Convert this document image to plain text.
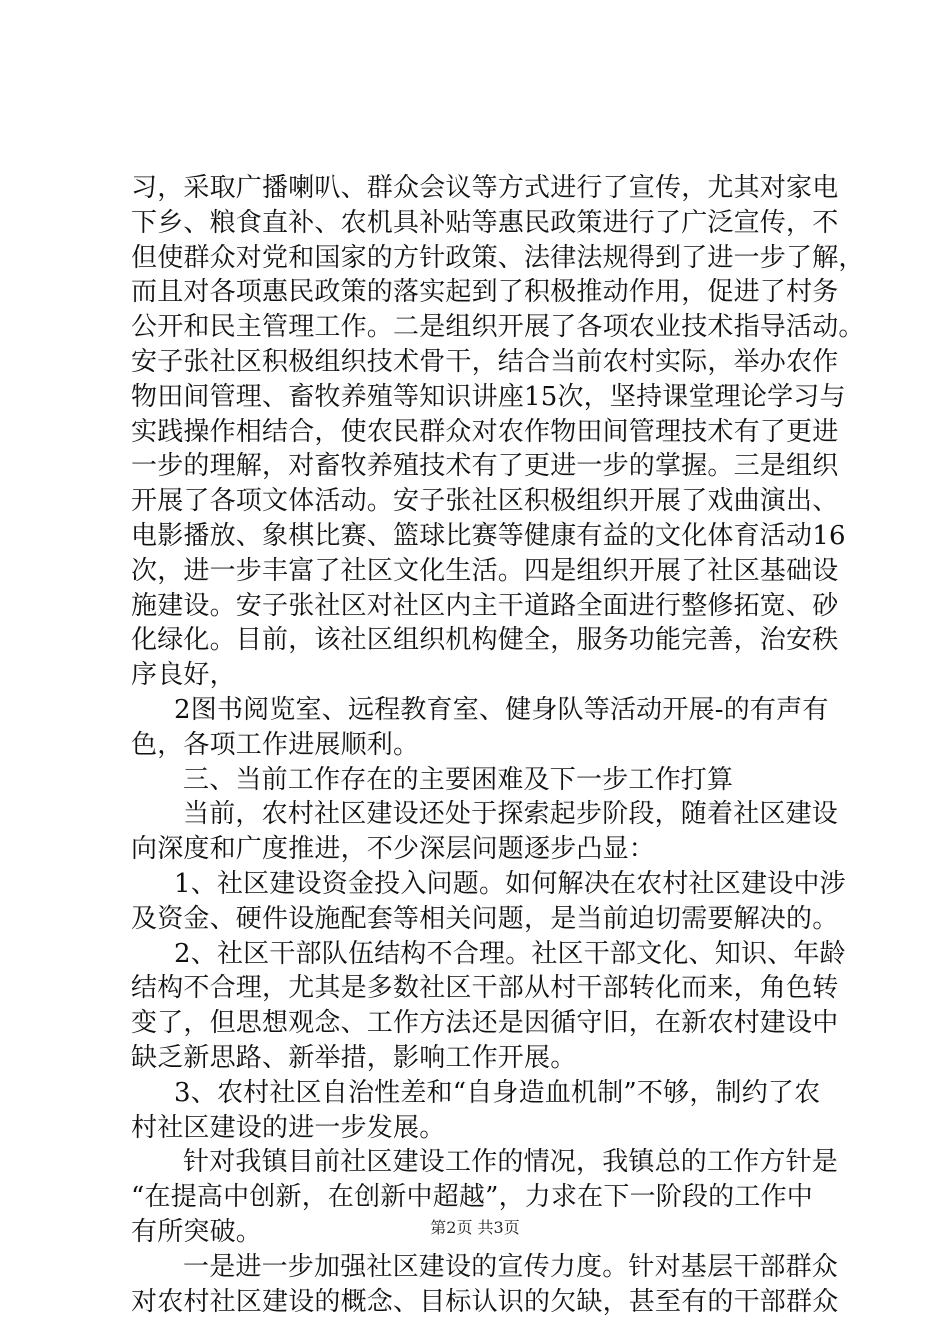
习，采取广播喇叭、群众会议等方式进行了宣传，尤其对家电
下乡、粮食直补、农机具补贴等惠民政策进行了广泛宣传，不
但使群众对党和国家的方针政策、法律法规得到了进一步了解，
而且对各项惠民政策的落实起到了积极推动作用，促进了村务
公开和民主管理工作。二是组织开展了各项农业技术指导活动。
安子张社区积极组织技术骨干，结合当前农村实际，举办农作
物田间管理、畜牧养殖等知识讲座15次，坚持课堂理论学习与
实践操作相结合，使农民群众对农作物田间管理技术有了更进
一步的理解，对畜牧养殖技术有了更进一步的掌握。三是组织
开展了各项文体活动。安子张社区积极组织开展了戏曲演出、
电影播放、象棋比赛、篮球比赛等健康有益的文化体育活动16
次，进一步丰富了社区文化生活。四是组织开展了社区基础设
施建设。安子张社区对社区内主干道路全面进行整修拓宽、砂
化绿化。目前，该社区组织机构健全，服务功能完善，治安秩
序良好，
2图书阅览室、远程教育室、健身队等活动开展-的有声有
色，各项工作进展顺利。
三、当前工作存在的主要困难及下一步工作打算
当前，农村社区建设还处于探索起步阶段，随着社区建设
向深度和广度推进，不少深层问题逐步凸显：
1、社区建设资金投入问题。如何解决在农村社区建设中涉
及资金、硬件设施配套等相关问题，是当前迫切需要解决的。
2、社区干部队伍结构不合理。社区干部文化、知识、年龄
结构不合理，尤其是多数社区干部从村干部转化而来，角色转
变了，但思想观念、工作方法还是因循守旧，在新农村建设中
缺乏新思路、新举措，影响工作开展。
3、农村社区自治性差和“自身造血机制”不够，制约了农
村社区建设的进一步发展。
针对我镇目前社区建设工作的情况，我镇总的工作方针是
“在提高中创新，在创新中超越”，力求在下一阶段的工作中
有所突破。
一是进一步加强社区建设的宣传力度。针对基层干部群众
对农村社区建设的概念、目标认识的欠缺，甚至有的干部群众
第2页 共3页
